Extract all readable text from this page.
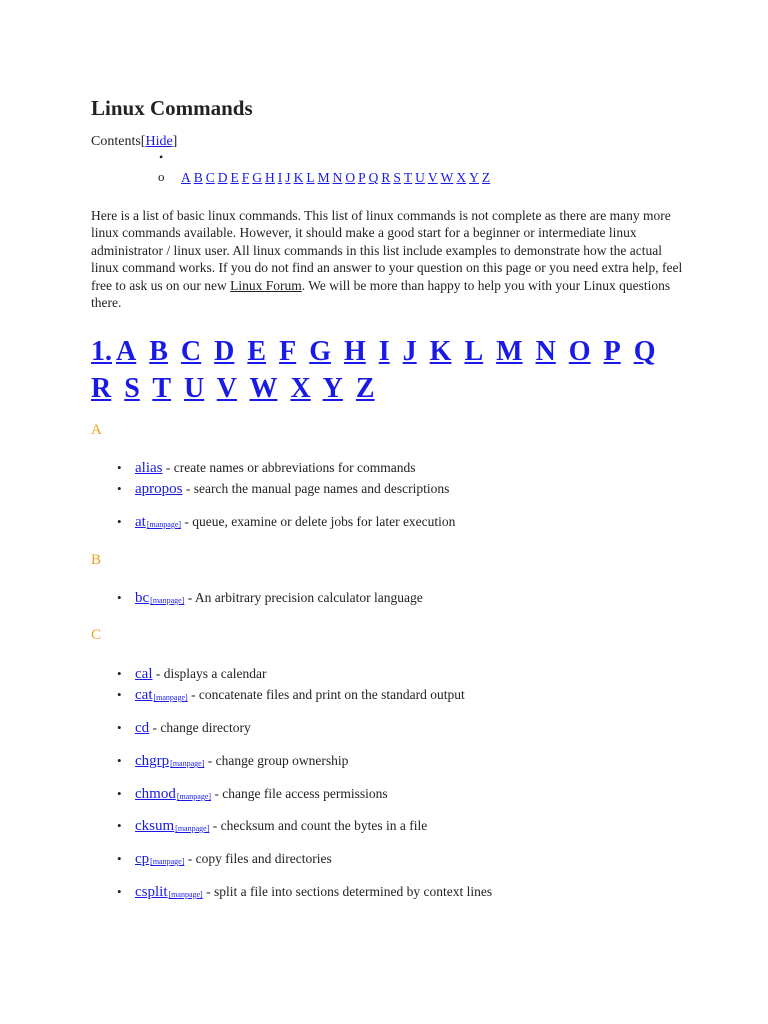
Linux Commands
Contents[Hide]
•
o A B C D E F G H I J K L M N O P Q R S T U V W X Y Z

Here is a list of basic linux commands. This list of linux commands is not complete as there are many more linux commands available. However, it should make a good start for a beginner or intermediate linux administrator / linux user. All linux commands in this list include examples to demonstrate how the actual linux command works. If you do not find an answer to your question on this page or you need extra help, feel free to ask us on our new Linux Forum. We will be more than happy to help you with your Linux questions there.

1. A B C D E F G H I J K L M N O P Q R S T U V W X Y Z
A
• alias - create names or abbreviations for commands
• apropos - search the manual page names and descriptions
• at[manpage] - queue, examine or delete jobs for later execution
B
• bc[manpage] - An arbitrary precision calculator language
C
• cal - displays a calendar
• cat[manpage] - concatenate files and print on the standard output
• cd - change directory
• chgrp[manpage] - change group ownership
• chmod[manpage] - change file access permissions
• cksum[manpage] - checksum and count the bytes in a file
• cp[manpage] - copy files and directories
• csplit[manpage] - split a file into sections determined by context lines
